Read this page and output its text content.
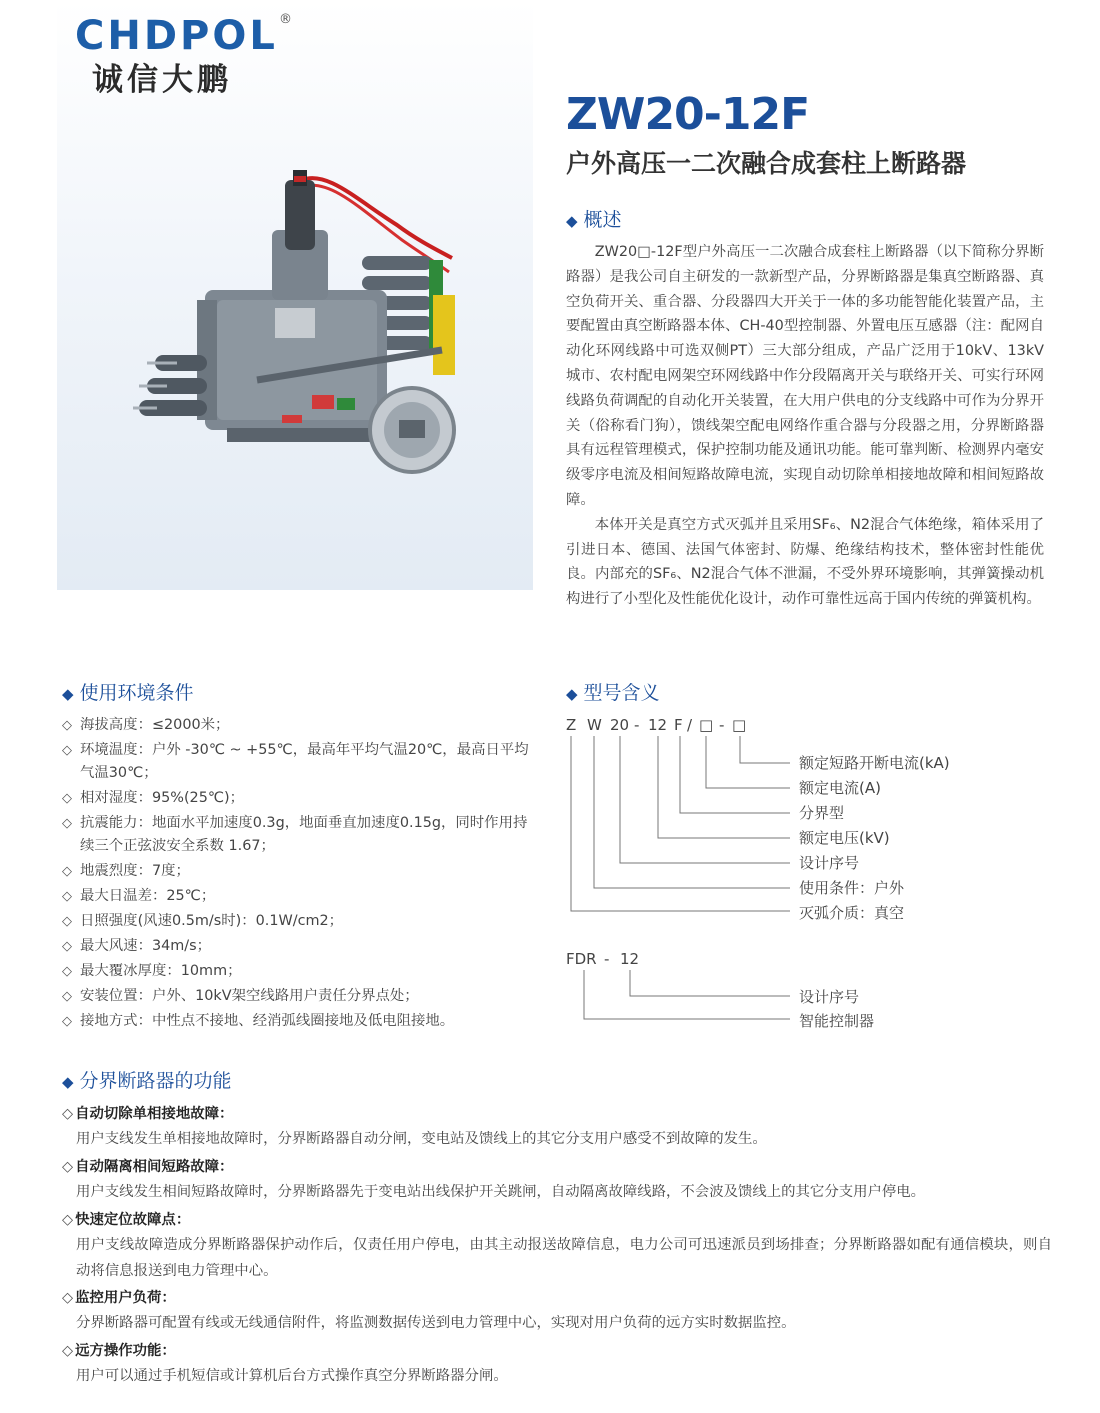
CHDPOL ®
诚信大鹏
ZW20-12F
户外高压一二次融合成套柱上断路器
◆ 概述

ZW20□-12F型户外高压一二次融合成套柱上断路器（以下简称分界断路器）是我公司自主研发的一款新型产品，分界断路器是集真空断路器、真空负荷开关、重合器、分段器四大开关于一体的多功能智能化装置产品，主要配置由真空断路器本体、CH-40型控制器、外置电压互感器（注：配网自动化环网线路中可选双侧PT）三大部分组成，产品广泛用于10kV、13kV城市、农村配电网架空环网线路中作分段隔离开关与联络开关、可实行环网线路负荷调配的自动化开关装置，在大用户供电的分支线路中可作为分界开关（俗称看门狗），馈线架空配电网络作重合器与分段器之用，分界断路器具有远程管理模式，保护控制功能及通讯功能。能可靠判断、检测界内毫安级零序电流及相间短路故障电流，实现自动切除单相接地故障和相间短路故障。

本体开关是真空方式灭弧并且采用SF₆、N2混合气体绝缘，箱体采用了引进日本、德国、法国气体密封、防爆、绝缘结构技术，整体密封性能优良。内部充的SF₆、N2混合气体不泄漏，不受外界环境影响，其弹簧操动机构进行了小型化及性能优化设计，动作可靠性远高于国内传统的弹簧机构。

◆ 使用环境条件
◇ 海拔高度：≤2000米；
◇ 环境温度：户外 -30℃ ~ +55℃，最高年平均气温20℃，最高日平均气温30℃；
◇ 相对湿度：95%(25℃)；
◇ 抗震能力：地面水平加速度0.3g，地面垂直加速度0.15g，同时作用持续三个正弦波安全系数 1.67；
◇ 地震烈度：7度；
◇ 最大日温差：25℃；
◇ 日照强度(风速0.5m/s时)：0.1W/cm2；
◇ 最大风速：34m/s；
◇ 最大覆冰厚度：10mm；
◇ 安装位置：户外、10kV架空线路用户责任分界点处；
◇ 接地方式：中性点不接地、经消弧线圈接地及低电阻接地。
◆ 型号含义
Z W 20 - 12 F / □ - □
额定短路开断电流(kA)
额定电流(A)
分界型
额定电压(kV)
设计序号
使用条件：户外
灭弧介质：真空
FDR - 12
设计序号
智能控制器
◆ 分界断路器的功能
◇ 自动切除单相接地故障：
用户支线发生单相接地故障时，分界断路器自动分闸，变电站及馈线上的其它分支用户感受不到故障的发生。
◇ 自动隔离相间短路故障：
用户支线发生相间短路故障时，分界断路器先于变电站出线保护开关跳闸，自动隔离故障线路，不会波及馈线上的其它分支用户停电。
◇ 快速定位故障点：
用户支线故障造成分界断路器保护动作后，仅责任用户停电，由其主动报送故障信息，电力公司可迅速派员到场排查；分界断路器如配有通信模块，则自动将信息报送到电力管理中心。
◇ 监控用户负荷：
分界断路器可配置有线或无线通信附件，将监测数据传送到电力管理中心，实现对用户负荷的远方实时数据监控。
◇ 远方操作功能：
用户可以通过手机短信或计算机后台方式操作真空分界断路器分闸。
